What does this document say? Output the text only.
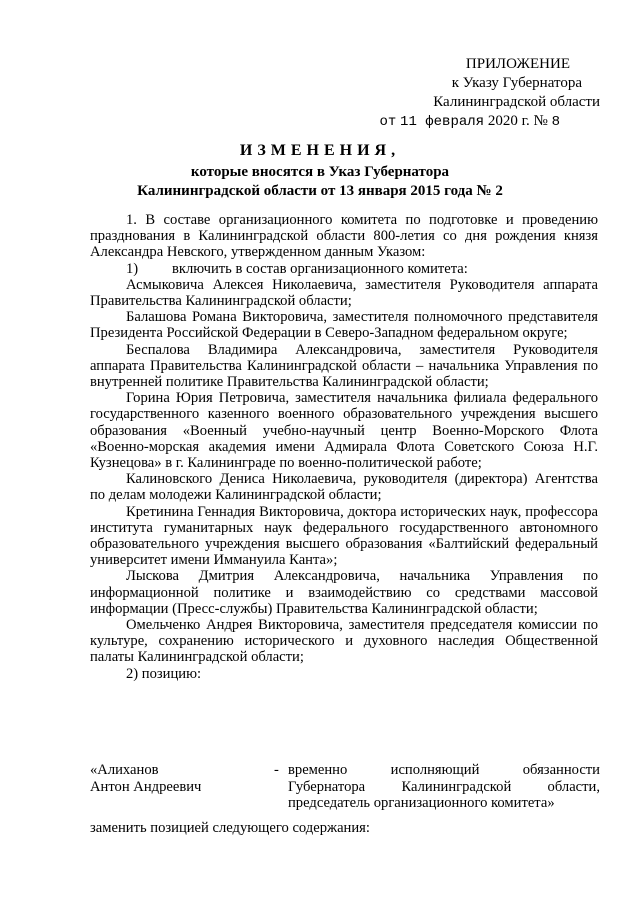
ПРИЛОЖЕНИЕ
к Указу Губернатора
Калининградской области
от 11 февраля 2020 г. № 8
ИЗМЕНЕНИЯ,
которые вносятся в Указ Губернатора
Калининградской области от 13 января 2015 года № 2

1. В составе организационного комитета по подготовке и проведению празднования в Калининградской области 800-летия со дня рождения князя Александра Невского, утвержденном данным Указом:

1) включить в состав организационного комитета:

Асмыковича Алексея Николаевича, заместителя Руководителя аппарата Правительства Калининградской области;

Балашова Романа Викторовича, заместителя полномочного представителя Президента Российской Федерации в Северо-Западном федеральном округе;

Беспалова Владимира Александровича, заместителя Руководителя аппарата Правительства Калининградской области – начальника Управления по внутренней политике Правительства Калининградской области;

Горина Юрия Петровича, заместителя начальника филиала федерального государственного казенного военного образовательного учреждения высшего образования «Военный учебно-научный центр Военно-Морского Флота «Военно-морская академия имени Адмирала Флота Советского Союза Н.Г. Кузнецова» в г. Калининграде по военно-политической работе;

Калиновского Дениса Николаевича, руководителя (директора) Агентства по делам молодежи Калининградской области;

Кретинина Геннадия Викторовича, доктора исторических наук, профессора института гуманитарных наук федерального государственного автономного образовательного учреждения высшего образования «Балтийский федеральный университет имени Иммануила Канта»;

Лыскова Дмитрия Александровича, начальника Управления по информационной политике и взаимодействию со средствами массовой информации (Пресс-службы) Правительства Калининградской области;

Омельченко Андрея Викторовича, заместителя председателя комиссии по культуре, сохранению исторического и духовного наследия Общественной палаты Калининградской области;

2) позицию:

«Алиханов
Антон Андреевич
- временно исполняющий обязанности
Губернатора Калининградской области,
председатель организационного комитета»
заменить позицией следующего содержания:
